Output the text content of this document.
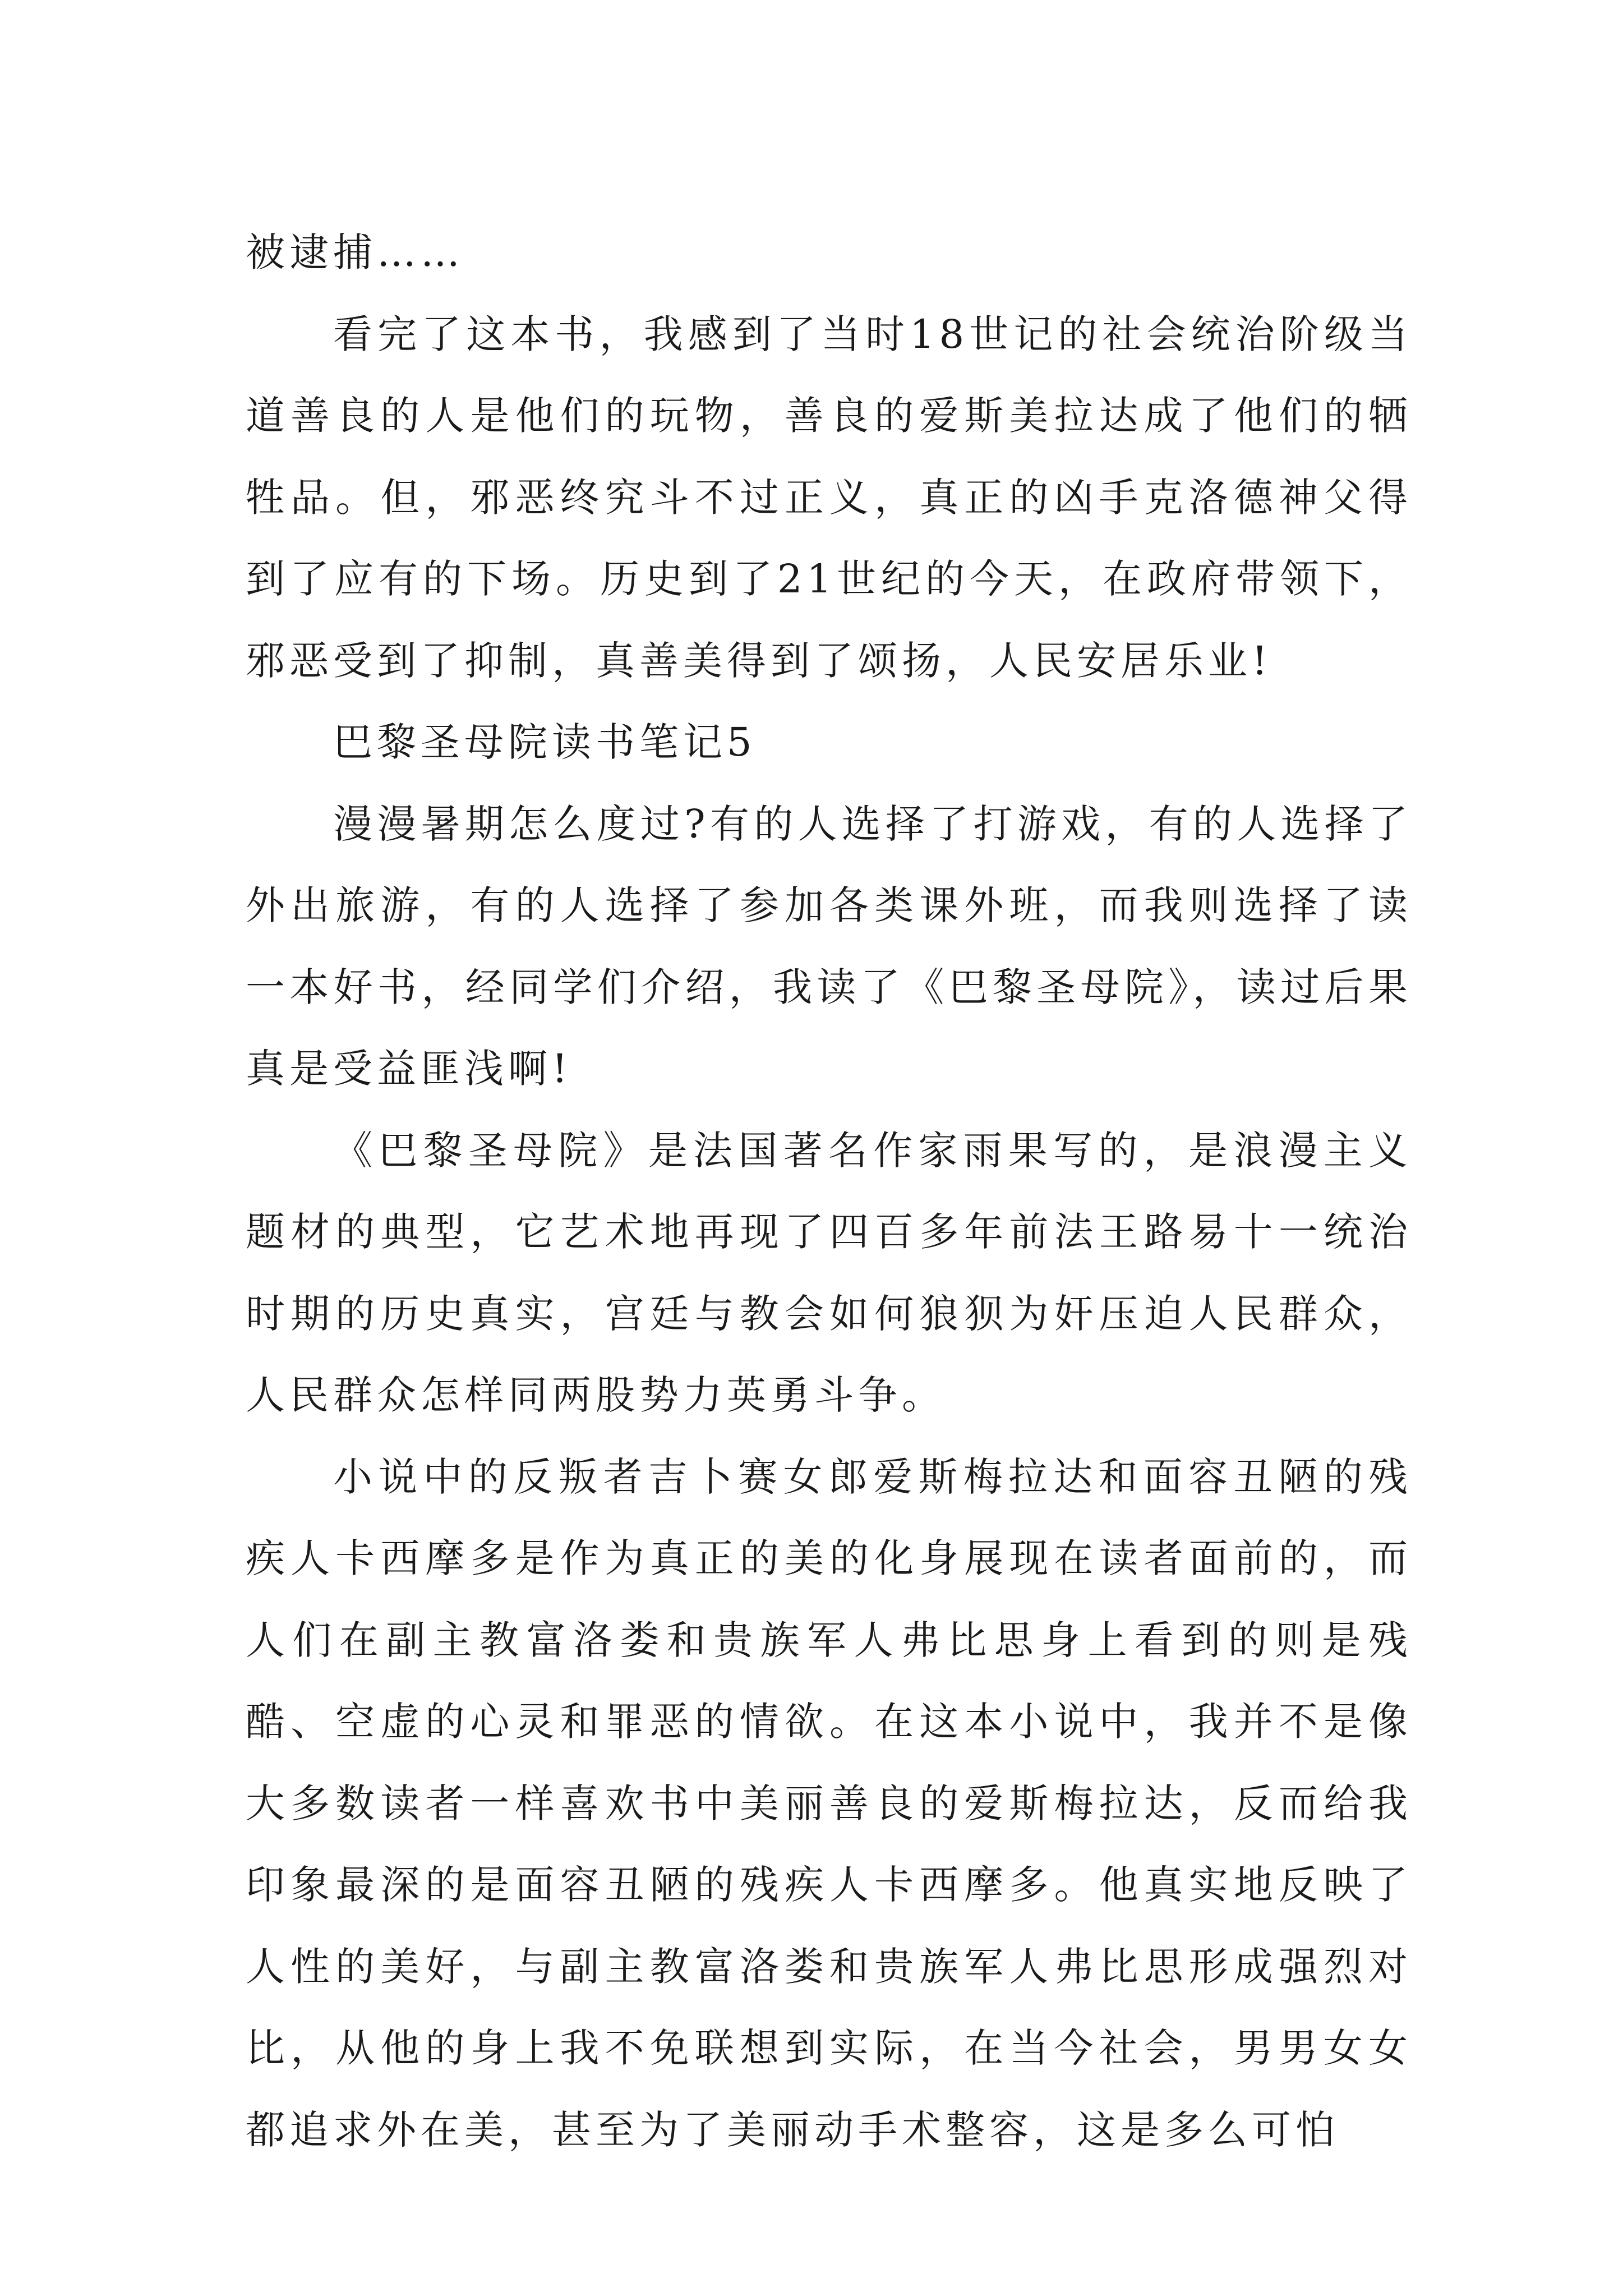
被逮捕……

看完了这本书，我感到了当时18世记的社会统治阶级当道善良的人是他们的玩物，善良的爱斯美拉达成了他们的牺牲品。但，邪恶终究斗不过正义，真正的凶手克洛德神父得到了应有的下场。历史到了21世纪的今天，在政府带领下，邪恶受到了抑制，真善美得到了颂扬，人民安居乐业!

巴黎圣母院读书笔记5

漫漫暑期怎么度过?有的人选择了打游戏，有的人选择了外出旅游，有的人选择了参加各类课外班，而我则选择了读一本好书，经同学们介绍，我读了《巴黎圣母院》，读过后果真是受益匪浅啊!

《巴黎圣母院》是法国著名作家雨果写的，是浪漫主义题材的典型，它艺术地再现了四百多年前法王路易十一统治时期的历史真实，宫廷与教会如何狼狈为奸压迫人民群众，人民群众怎样同两股势力英勇斗争。

小说中的反叛者吉卜赛女郎爱斯梅拉达和面容丑陋的残疾人卡西摩多是作为真正的美的化身展现在读者面前的，而人们在副主教富洛娄和贵族军人弗比思身上看到的则是残酷、空虚的心灵和罪恶的情欲。在这本小说中，我并不是像大多数读者一样喜欢书中美丽善良的爱斯梅拉达，反而给我印象最深的是面容丑陋的残疾人卡西摩多。他真实地反映了人性的美好，与副主教富洛娄和贵族军人弗比思形成强烈对比，从他的身上我不免联想到实际，在当今社会，男男女女都追求外在美，甚至为了美丽动手术整容，这是多么可怕
